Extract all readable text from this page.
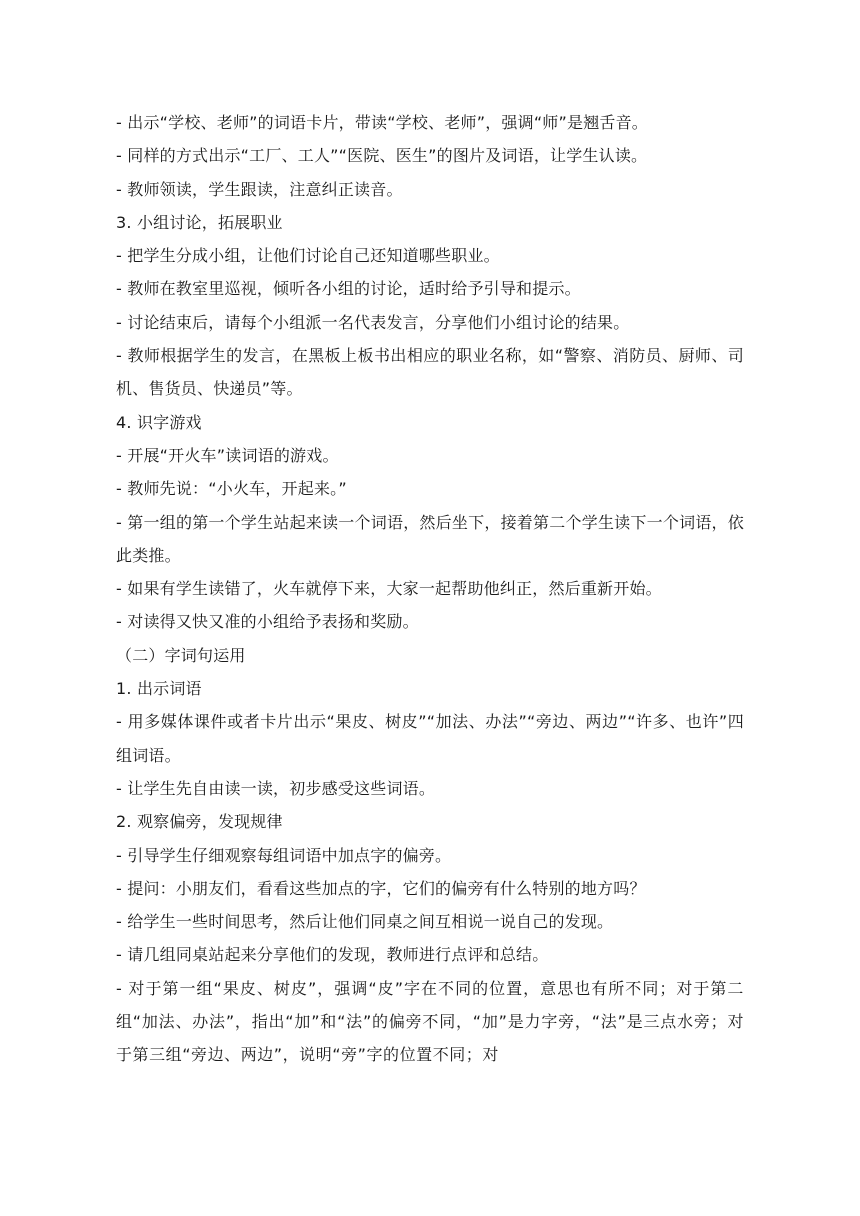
- 出示“学校、老师”的词语卡片，带读“学校、老师”，强调“师”是翘舌音。

- 同样的方式出示“工厂、工人”“医院、医生”的图片及词语，让学生认读。

- 教师领读，学生跟读，注意纠正读音。

3. 小组讨论，拓展职业

- 把学生分成小组，让他们讨论自己还知道哪些职业。

- 教师在教室里巡视，倾听各小组的讨论，适时给予引导和提示。

- 讨论结束后，请每个小组派一名代表发言，分享他们小组讨论的结果。

- 教师根据学生的发言，在黑板上板书出相应的职业名称，如“警察、消防员、厨师、司机、售货员、快递员”等。

4. 识字游戏

- 开展“开火车”读词语的游戏。

- 教师先说：“小火车，开起来。”

- 第一组的第一个学生站起来读一个词语，然后坐下，接着第二个学生读下一个词语，依此类推。

- 如果有学生读错了，火车就停下来，大家一起帮助他纠正，然后重新开始。

- 对读得又快又准的小组给予表扬和奖励。

（二）字词句运用

1. 出示词语

- 用多媒体课件或者卡片出示“果皮、树皮”“加法、办法”“旁边、两边”“许多、也许”四组词语。

- 让学生先自由读一读，初步感受这些词语。

2. 观察偏旁，发现规律

- 引导学生仔细观察每组词语中加点字的偏旁。

- 提问：小朋友们，看看这些加点的字，它们的偏旁有什么特别的地方吗？

- 给学生一些时间思考，然后让他们同桌之间互相说一说自己的发现。

- 请几组同桌站起来分享他们的发现，教师进行点评和总结。

- 对于第一组“果皮、树皮”，强调“皮”字在不同的位置，意思也有所不同；对于第二组“加法、办法”，指出“加”和“法”的偏旁不同，“加”是力字旁，“法”是三点水旁；对于第三组“旁边、两边”，说明“旁”字的位置不同；对
